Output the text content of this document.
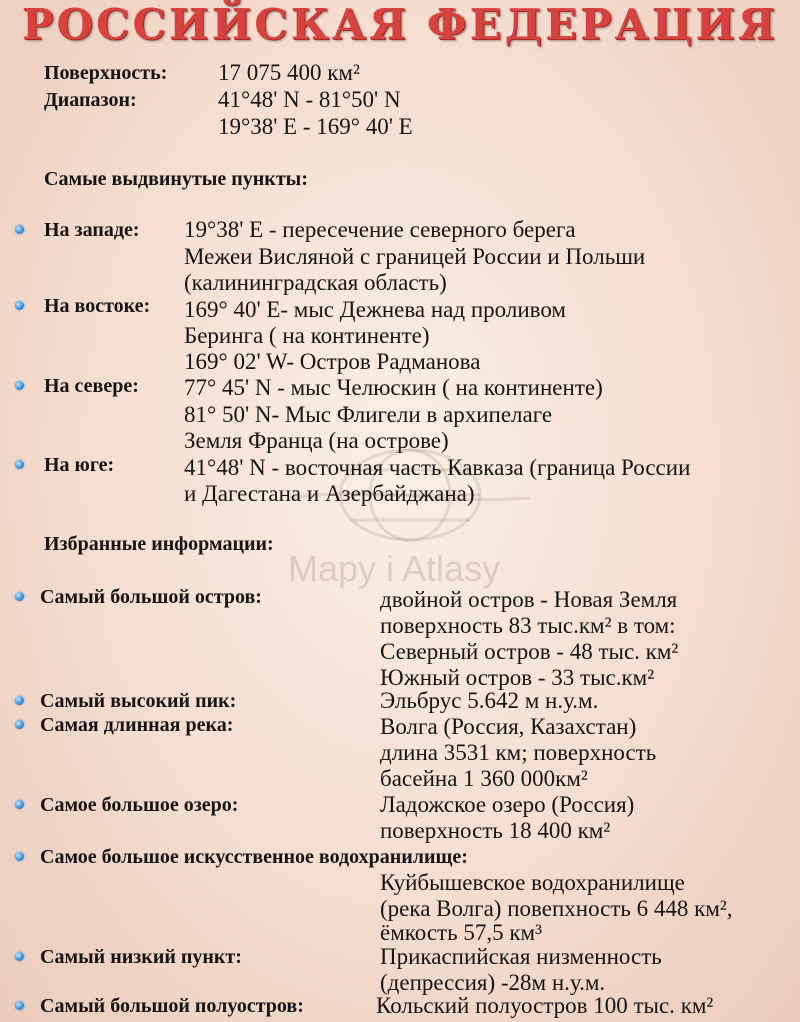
РОССИЙСКАЯ ФЕДЕРАЦИЯ
Mapy i Atlasy
Поверхность: 17 075 400 км²
Диапазон:	41°48' N - 81°50' N
19°38' E - 169° 40' E
Самые выдвинутые пункты:
На западе: 19°38' E - пересечение северного берега
Межеи Висляной с границей России и Польши
(калининградская область)
На востоке: 169° 40' E- мыс Дежнева над проливом
Беринга ( на континенте)
169° 02' W- Остров Радманова
На севере: 77° 45' N - мыс Челюскин ( на континенте)
81° 50' N- Мыс Флигели в архипелаге
Земля Франца (на острове)
На юге:	41°48' N - восточная часть Кавказа (граница России
и Дагестана и Азербайджана)
Избранные информации:
Самый большой остров:	двойной остров - Новая Земля
поверхность 83 тыс.км² в том:
Северный остров - 48 тыс. км²
Южный остров - 33 тыс.км²
Самый высокий пик:	Эльбрус 5.642 м н.у.м.
Самая длинная река:	Волга (Россия, Казахстан)
длина 3531 км; поверхность
басейна 1 360 000км²
Самое большое озеро:	Ладожское озеро (Россия)
поверхность 18 400 км²
Самое большое искусственное водохранилище:
Куйбышевское водохранилище
(река Волга) повепхность 6 448 км²,
ёмкость 57,5 км³
Самый низкий пункт:	Прикаспийская низменность
(депрессия) -28м н.у.м.
Самый большой полуостров:	Кольский полуостров 100 тыс. км²
